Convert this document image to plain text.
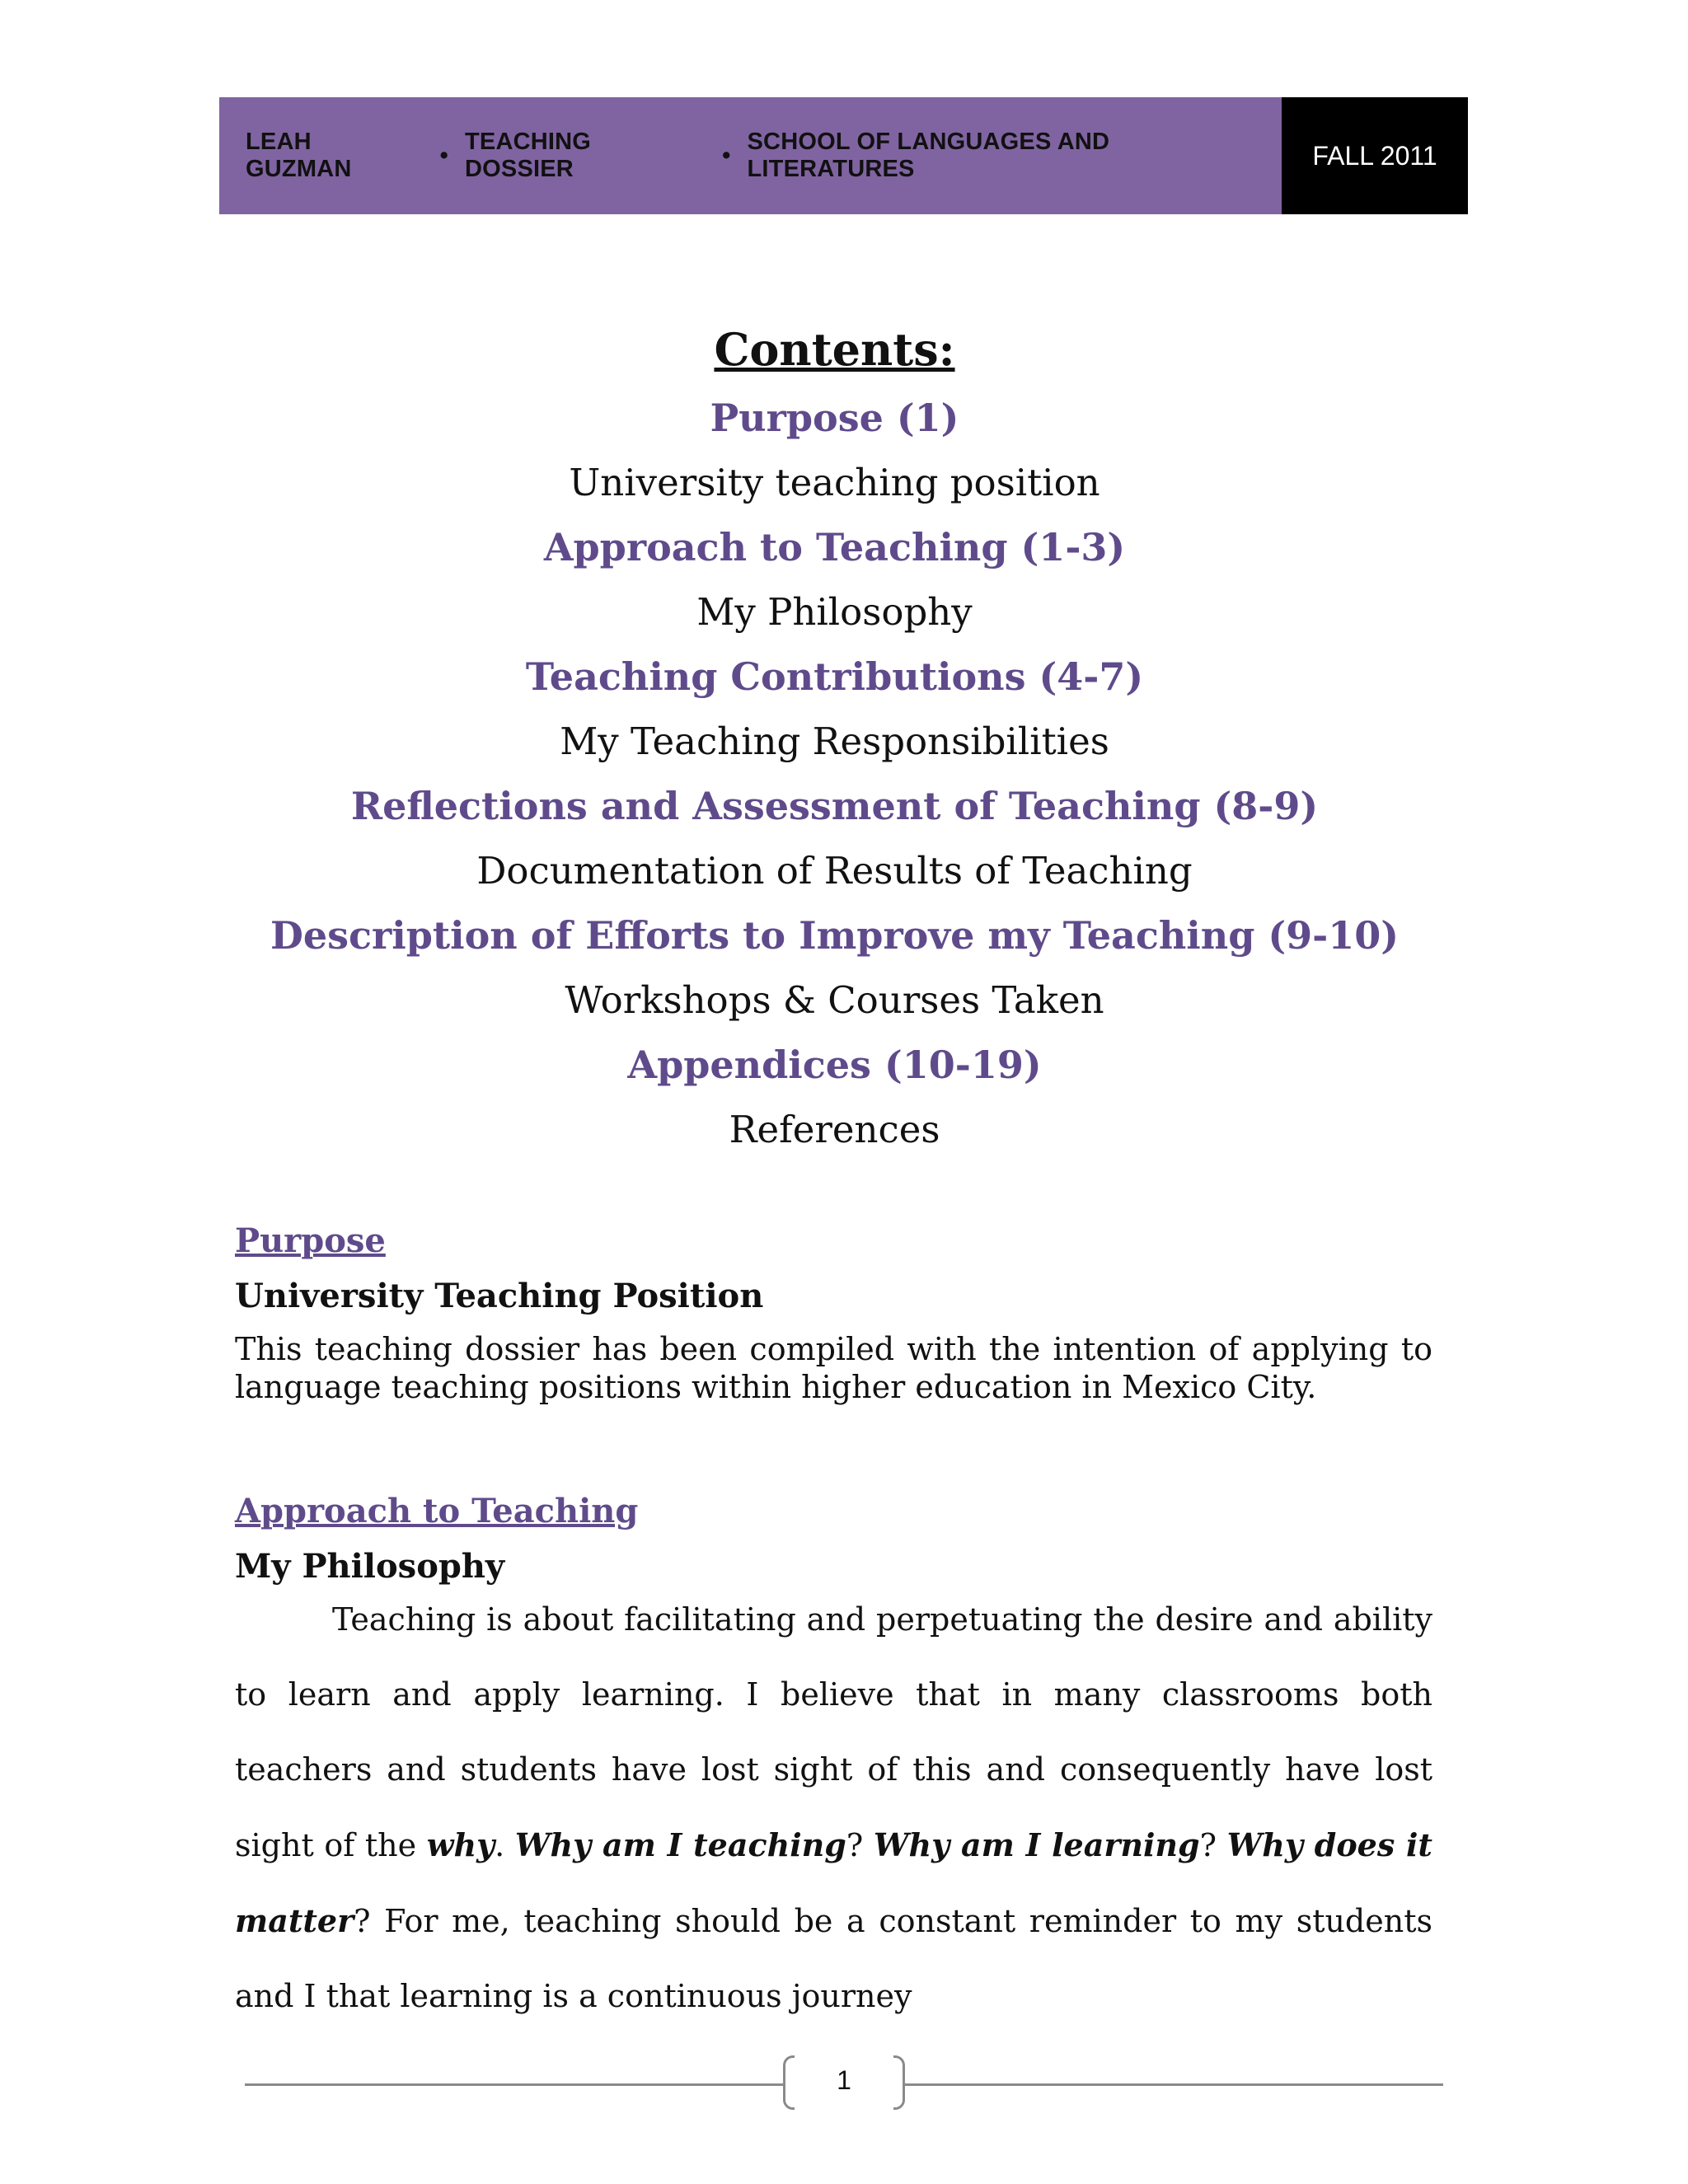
LEAH GUZMAN
•
TEACHING DOSSIER
•
SCHOOL OF LANGUAGES AND LITERATURES	FALL 2011
Contents:
Purpose (1)
University teaching position
Approach to Teaching (1-3)
My Philosophy
Teaching Contributions (4-7)
My Teaching Responsibilities
Reflections and Assessment of Teaching (8-9)
Documentation of Results of Teaching
Description of Efforts to Improve my Teaching (9-10)
Workshops & Courses Taken
Appendices (10-19)
References
Purpose
University Teaching Position
This teaching dossier has been compiled with the intention of applying to language teaching positions within higher education in Mexico City.
Approach to Teaching
My Philosophy

Teaching is about facilitating and perpetuating the desire and ability to learn and apply learning. I believe that in many classrooms both teachers and students have lost sight of this and consequently have lost sight of the why. Why am I teaching? Why am I learning? Why does it matter? For me, teaching should be a constant reminder to my students and I that learning is a continuous journey

1
